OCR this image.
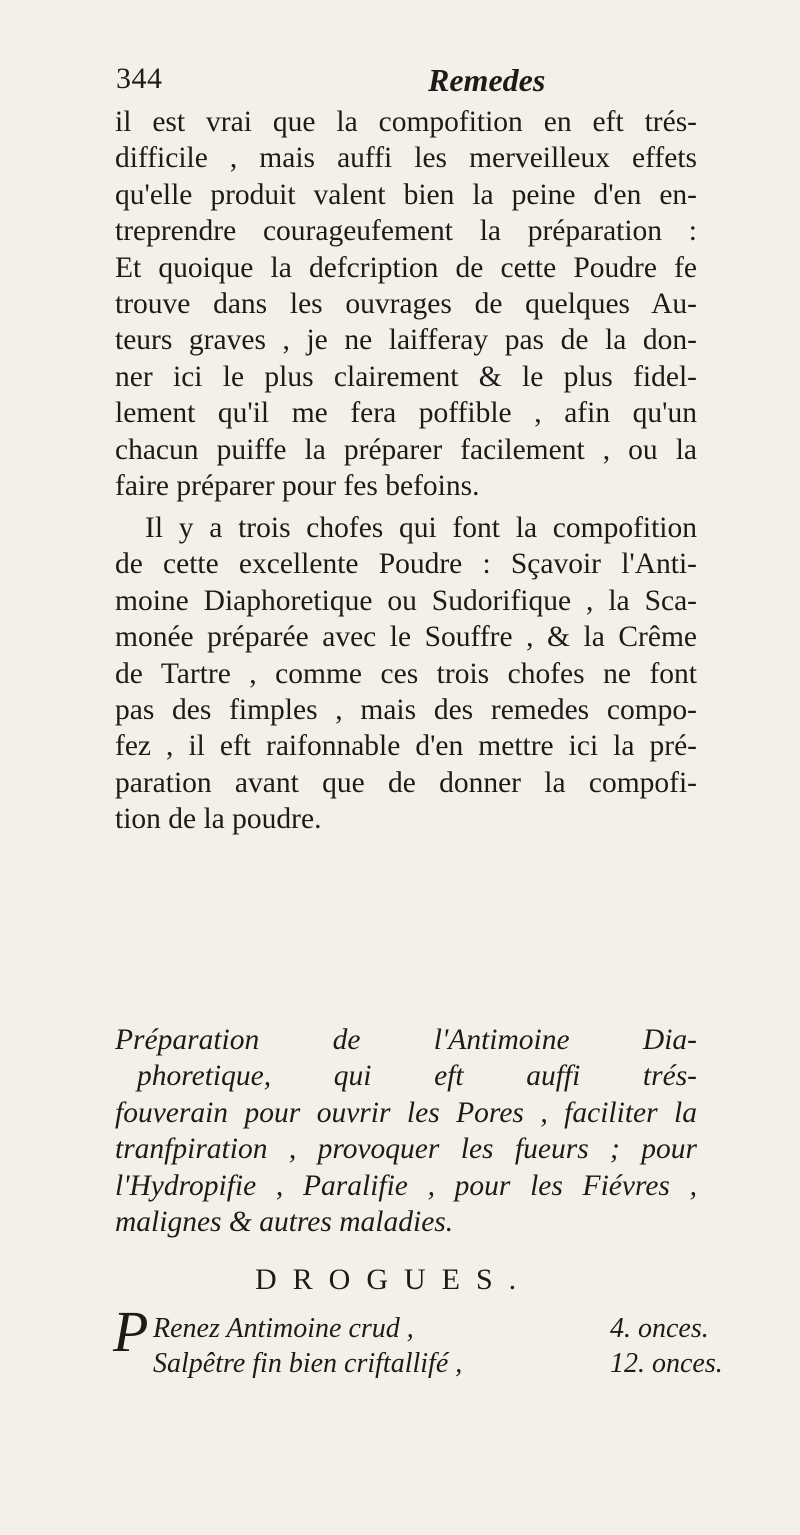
344	Remedes
il est vrai que la compofition en eft trés-
difficile , mais auffi les merveilleux effets
qu'elle produit valent bien la peine d'en en-
treprendre courageufement la préparation :
Et quoique la defcription de cette Poudre fe
trouve dans les ouvrages de quelques Au-
teurs graves , je ne laifferay pas de la don-
ner ici le plus clairement & le plus fidel-
lement qu'il me fera poffible , afin qu'un
chacun puiffe la préparer facilement , ou la
faire préparer pour fes befoins.
Il y a trois chofes qui font la compofition
de cette excellente Poudre : Sçavoir l'Anti-
moine Diaphoretique ou Sudorifique , la Sca-
monée préparée avec le Souffre , & la Crême
de Tartre , comme ces trois chofes ne font
pas des fimples , mais des remedes compo-
fez , il eft raifonnable d'en mettre ici la pré-
paration avant que de donner la compofi-
tion de la poudre.
Préparation de l'Antimoine Dia-
phoretique, qui eft auffi trés-
fouverain pour ouvrir les Pores , faciliter la
tranfpiration , provoquer les fueurs ; pour
l'Hydropifie , Paralifie , pour les Fiévres ,
malignes & autres maladies.
DROGUES.
P Renez Antimoine crud ,	4. onces.
Salpêtre fin bien criftallifé ,	12. onces.
